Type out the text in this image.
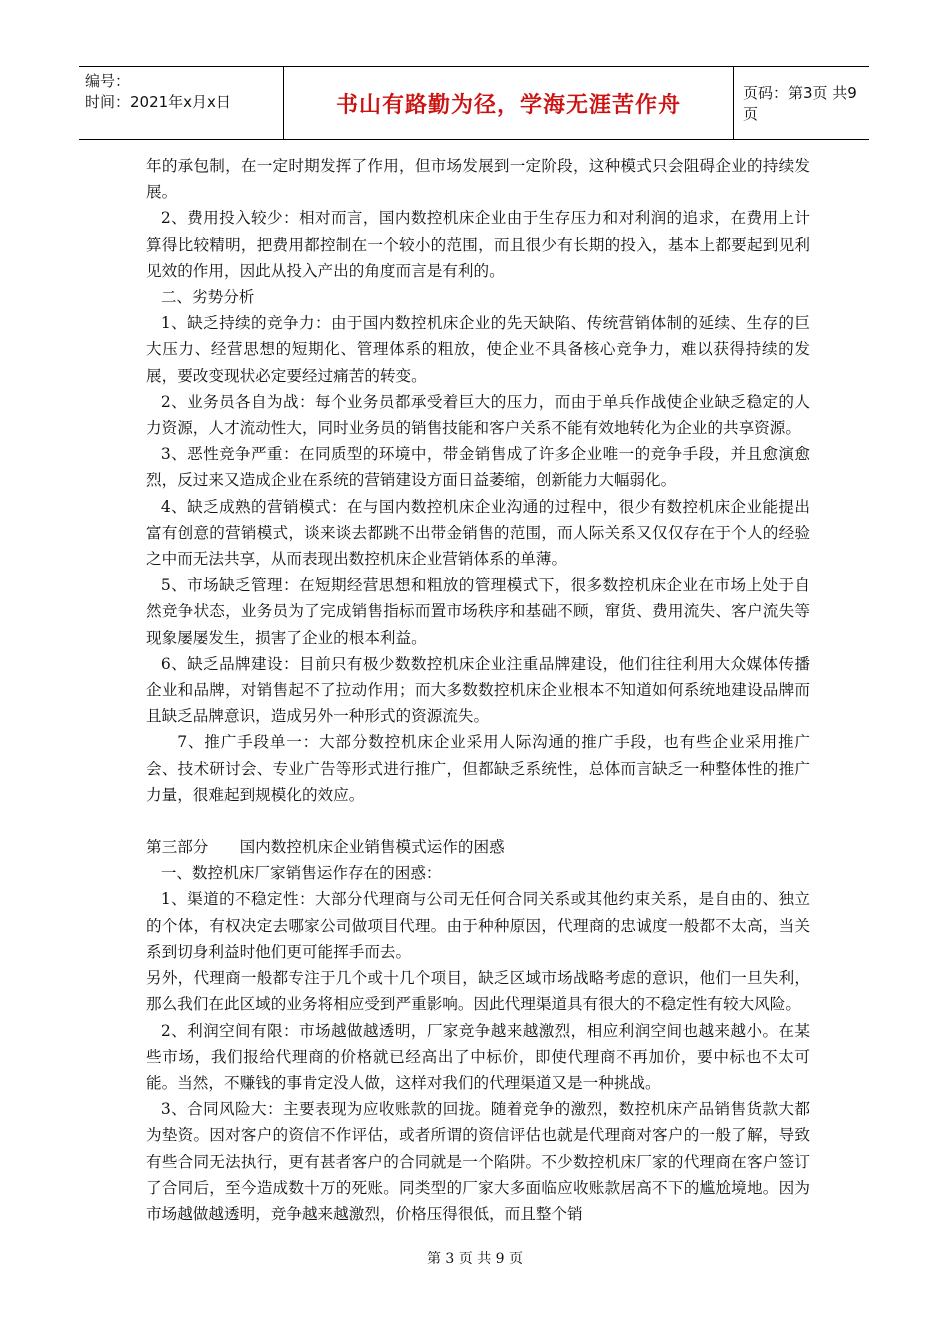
编号：
时间：2021年x月x日	书山有路勤为径，学海无涯苦作舟	页码：第3页 共9页

年的承包制，在一定时期发挥了作用，但市场发展到一定阶段，这种模式只会阻碍企业的持续发展。

2、费用投入较少：相对而言，国内数控机床企业由于生存压力和对利润的追求，在费用上计算得比较精明，把费用都控制在一个较小的范围，而且很少有长期的投入，基本上都要起到见利见效的作用，因此从投入产出的角度而言是有利的。

二、劣势分析

1、缺乏持续的竞争力：由于国内数控机床企业的先天缺陷、传统营销体制的延续、生存的巨大压力、经营思想的短期化、管理体系的粗放，使企业不具备核心竞争力，难以获得持续的发展，要改变现状必定要经过痛苦的转变。

2、业务员各自为战：每个业务员都承受着巨大的压力，而由于单兵作战使企业缺乏稳定的人力资源，人才流动性大，同时业务员的销售技能和客户关系不能有效地转化为企业的共享资源。

3、恶性竞争严重：在同质型的环境中，带金销售成了许多企业唯一的竞争手段，并且愈演愈烈，反过来又造成企业在系统的营销建设方面日益萎缩，创新能力大幅弱化。

4、缺乏成熟的营销模式：在与国内数控机床企业沟通的过程中，很少有数控机床企业能提出富有创意的营销模式，谈来谈去都跳不出带金销售的范围，而人际关系又仅仅存在于个人的经验之中而无法共享，从而表现出数控机床企业营销体系的单薄。

5、市场缺乏管理：在短期经营思想和粗放的管理模式下，很多数控机床企业在市场上处于自然竞争状态，业务员为了完成销售指标而置市场秩序和基础不顾，窜货、费用流失、客户流失等现象屡屡发生，损害了企业的根本利益。

6、缺乏品牌建设：目前只有极少数数控机床企业注重品牌建设，他们往往利用大众媒体传播企业和品牌，对销售起不了拉动作用；而大多数数控机床企业根本不知道如何系统地建设品牌而且缺乏品牌意识，造成另外一种形式的资源流失。

7、推广手段单一：大部分数控机床企业采用人际沟通的推广手段，也有些企业采用推广会、技术研讨会、专业广告等形式进行推广，但都缺乏系统性，总体而言缺乏一种整体性的推广力量，很难起到规模化的效应。

第三部分　　国内数控机床企业销售模式运作的困惑

一、数控机床厂家销售运作存在的困惑：

1、渠道的不稳定性：大部分代理商与公司无任何合同关系或其他约束关系，是自由的、独立的个体，有权决定去哪家公司做项目代理。由于种种原因，代理商的忠诚度一般都不太高，当关系到切身利益时他们更可能挥手而去。

另外，代理商一般都专注于几个或十几个项目，缺乏区域市场战略考虑的意识，他们一旦失利，那么我们在此区域的业务将相应受到严重影响。因此代理渠道具有很大的不稳定性有较大风险。

2、利润空间有限：市场越做越透明，厂家竞争越来越激烈，相应利润空间也越来越小。在某些市场，我们报给代理商的价格就已经高出了中标价，即使代理商不再加价，要中标也不太可能。当然，不赚钱的事肯定没人做，这样对我们的代理渠道又是一种挑战。

3、合同风险大：主要表现为应收账款的回拢。随着竞争的激烈，数控机床产品销售货款大都为垫资。因对客户的资信不作评估，或者所谓的资信评估也就是代理商对客户的一般了解，导致有些合同无法执行，更有甚者客户的合同就是一个陷阱。不少数控机床厂家的代理商在客户签订了合同后，至今造成数十万的死账。同类型的厂家大多面临应收账款居高不下的尴尬境地。因为市场越做越透明，竞争越来越激烈，价格压得很低，而且整个销

第 3 页 共 9 页
